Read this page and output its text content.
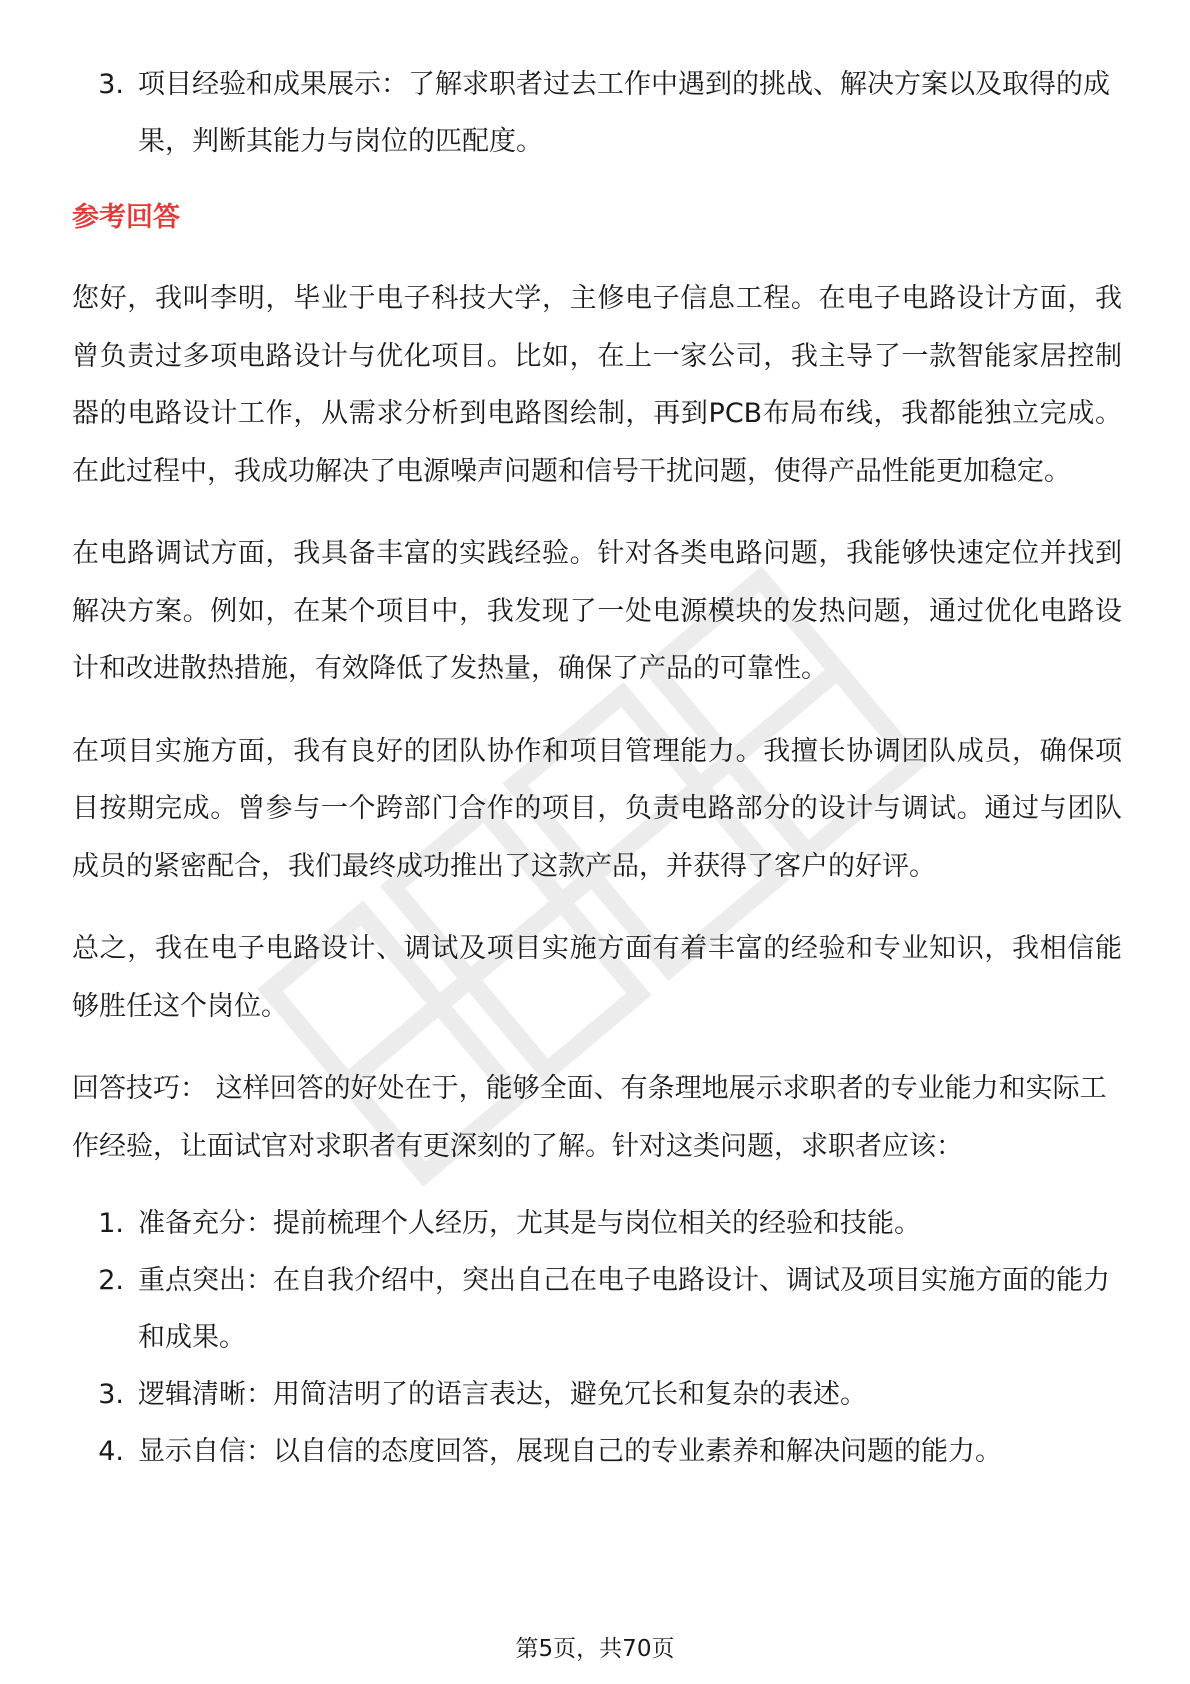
3. 项目经验和成果展示：了解求职者过去工作中遇到的挑战、解决方案以及取得的成果，判断其能力与岗位的匹配度。
参考回答

您好，我叫李明，毕业于电子科技大学，主修电子信息工程。在电子电路设计方面，我曾负责过多项电路设计与优化项目。比如，在上一家公司，我主导了一款智能家居控制器的电路设计工作，从需求分析到电路图绘制，再到PCB布局布线，我都能独立完成。在此过程中，我成功解决了电源噪声问题和信号干扰问题，使得产品性能更加稳定。

在电路调试方面，我具备丰富的实践经验。针对各类电路问题，我能够快速定位并找到解决方案。例如，在某个项目中，我发现了一处电源模块的发热问题，通过优化电路设计和改进散热措施，有效降低了发热量，确保了产品的可靠性。

在项目实施方面，我有良好的团队协作和项目管理能力。我擅长协调团队成员，确保项目按期完成。曾参与一个跨部门合作的项目，负责电路部分的设计与调试。通过与团队成员的紧密配合，我们最终成功推出了这款产品，并获得了客户的好评。

总之，我在电子电路设计、调试及项目实施方面有着丰富的经验和专业知识，我相信能够胜任这个岗位。

回答技巧： 这样回答的好处在于，能够全面、有条理地展示求职者的专业能力和实际工作经验，让面试官对求职者有更深刻的了解。针对这类问题，求职者应该：

1. 准备充分：提前梳理个人经历，尤其是与岗位相关的经验和技能。
2. 重点突出：在自我介绍中，突出自己在电子电路设计、调试及项目实施方面的能力和成果。
3. 逻辑清晰：用简洁明了的语言表达，避免冗长和复杂的表述。
4. 显示自信：以自信的态度回答，展现自己的专业素养和解决问题的能力。
第5页，共70页
